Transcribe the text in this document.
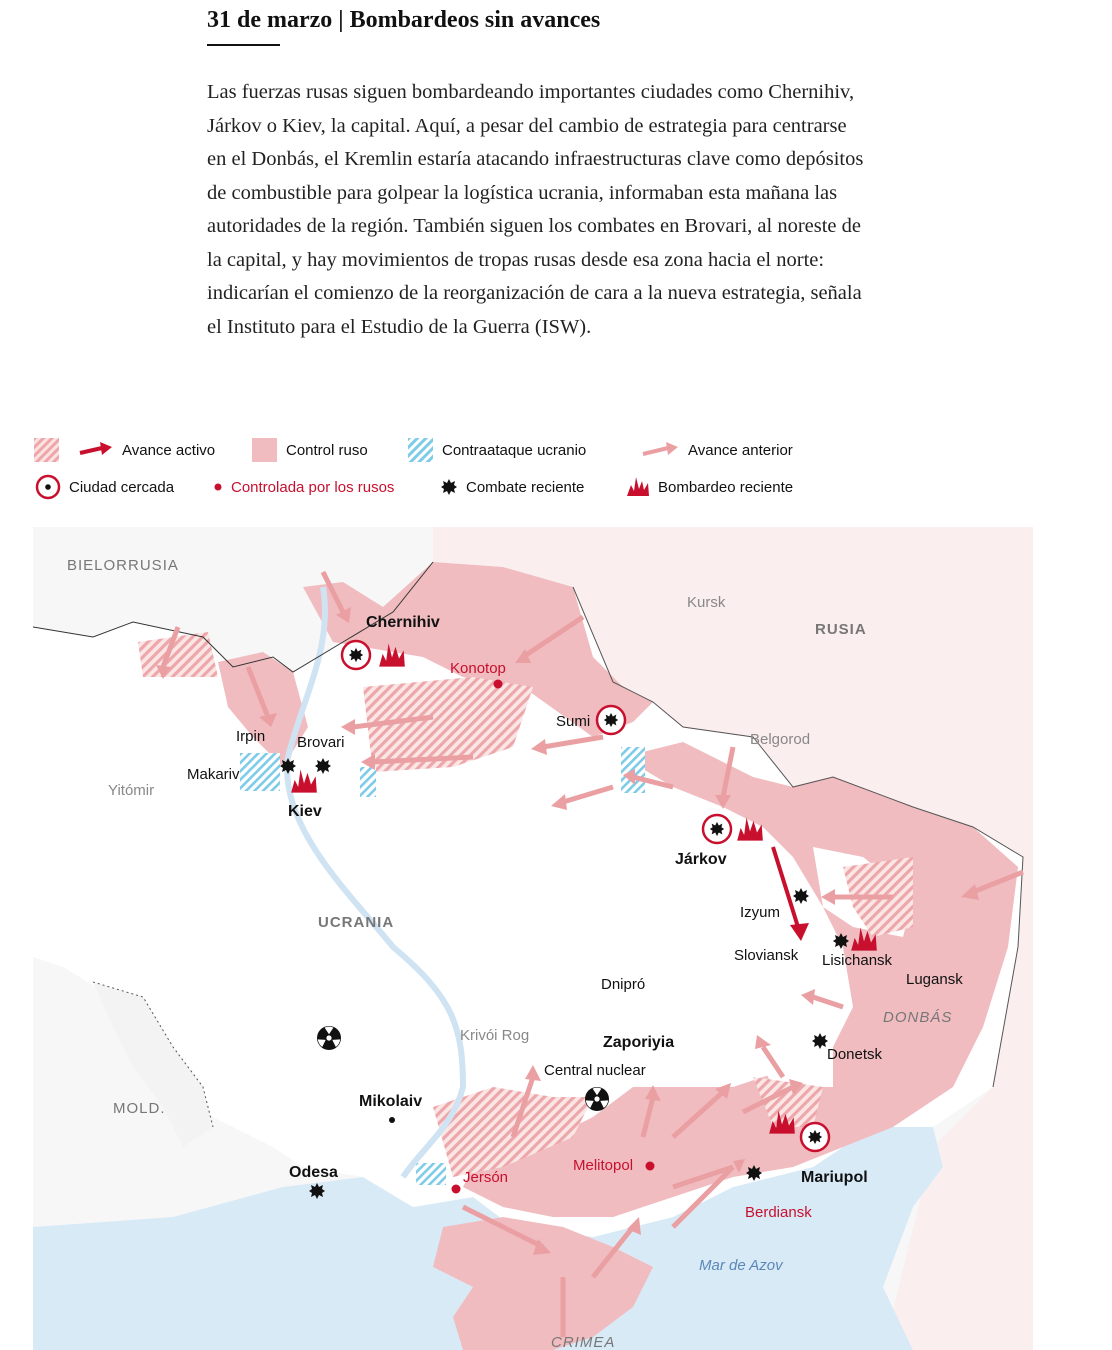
31 de marzo | Bombardeos sin avances

Las fuerzas rusas siguen bombardeando importantes ciudades como Chernihiv, Járkov o Kiev, la capital. Aquí, a pesar del cambio de estrategia para centrarse en el Donbás, el Kremlin estaría atacando infraestructuras clave como depósitos de combustible para golpear la logística ucrania, informaban esta mañana las autoridades de la región. También siguen los combates en Brovari, al noreste de la capital, y hay movimientos de tropas rusas desde esa zona hacia el norte: indicarían el comienzo de la reorganización de cara a la nueva estrategia, señala el Instituto para el Estudio de la Guerra (ISW).

Avance activo	Control ruso	Contraataque ucranio	Avance anterior
Ciudad cercada	Controlada por los rusos	Combate reciente	Bombardeo reciente
BIELORRUSIA
RUSIA
UCRANIA
MOLD.
CRIMEA
DONBÁS
Mar de Azov
Chernihiv
Kiev
Járkov
Zaporiyia
Mikolaiv
Odesa	Mariupol
Irpin Brovari
Makariv
Sumi
Izyum
Sloviansk Lisichansk
Lugansk
Donetsk
Dnipró
Central nuclear
Kursk
Belgorod
Yitómir
Krivói Rog
Konotop
Jersón
Melitopol
Berdiansk
